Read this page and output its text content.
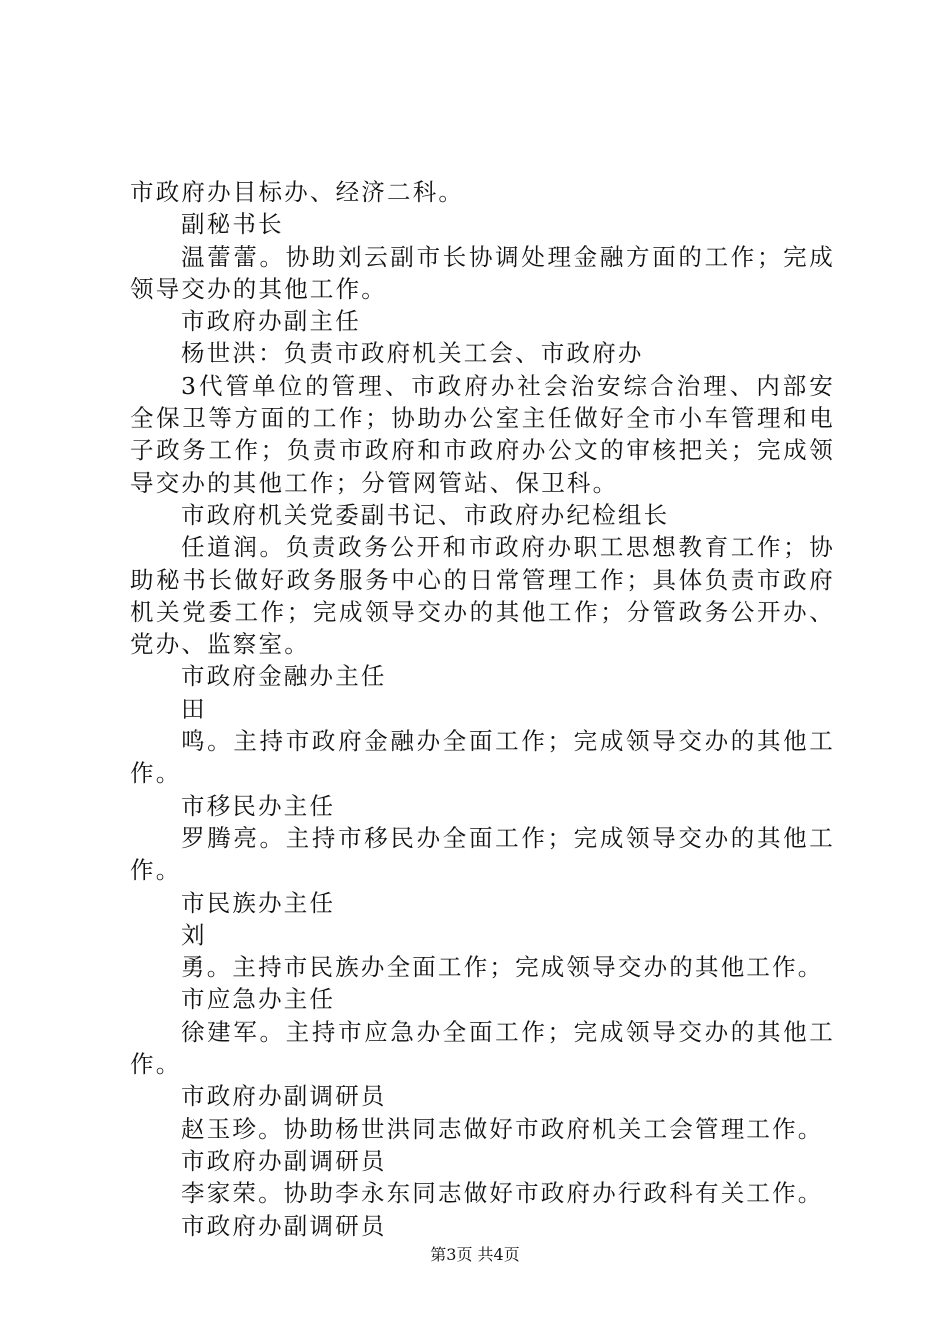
市政府办目标办、经济二科。

副秘书长

温蕾蕾。协助刘云副市长协调处理金融方面的工作；完成领导交办的其他工作。

市政府办副主任

杨世洪：负责市政府机关工会、市政府办

3代管单位的管理、市政府办社会治安综合治理、内部安全保卫等方面的工作；协助办公室主任做好全市小车管理和电子政务工作；负责市政府和市政府办公文的审核把关；完成领导交办的其他工作；分管网管站、保卫科。

市政府机关党委副书记、市政府办纪检组长

任道润。负责政务公开和市政府办职工思想教育工作；协助秘书长做好政务服务中心的日常管理工作；具体负责市政府机关党委工作；完成领导交办的其他工作；分管政务公开办、党办、监察室。

市政府金融办主任

田

鸣。主持市政府金融办全面工作；完成领导交办的其他工作。

市移民办主任

罗腾亮。主持市移民办全面工作；完成领导交办的其他工作。

市民族办主任

刘

勇。主持市民族办全面工作；完成领导交办的其他工作。

市应急办主任

徐建军。主持市应急办全面工作；完成领导交办的其他工作。

市政府办副调研员

赵玉珍。协助杨世洪同志做好市政府机关工会管理工作。

市政府办副调研员

李家荣。协助李永东同志做好市政府办行政科有关工作。

市政府办副调研员

第3页 共4页
